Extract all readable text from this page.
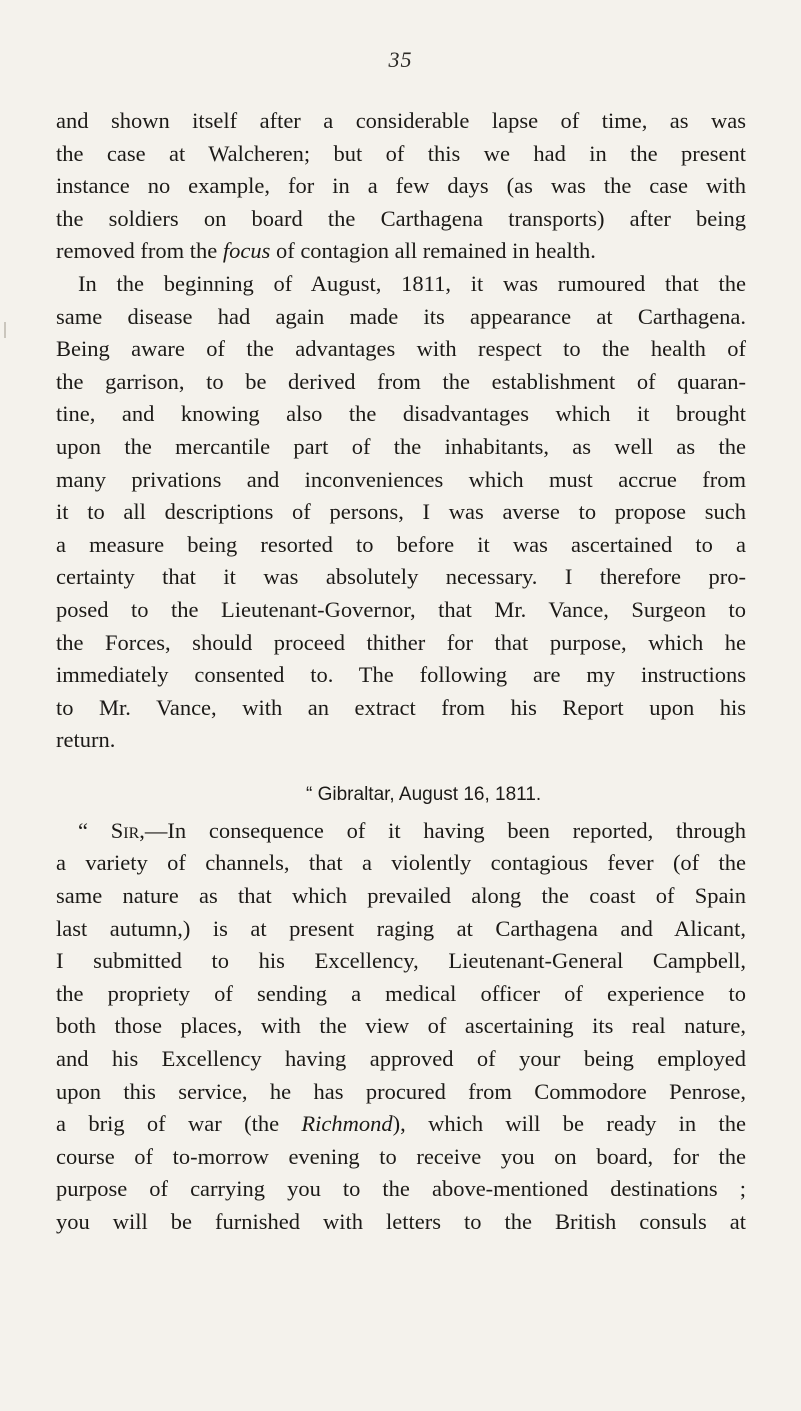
35
and shown itself after a considerable lapse of time, as was
the case at Walcheren; but of this we had in the present
instance no example, for in a few days (as was the case with
the soldiers on board the Carthagena transports) after being
removed from the focus of contagion all remained in health.
In the beginning of August, 1811, it was rumoured that the
same disease had again made its appearance at Carthagena.
Being aware of the advantages with respect to the health of
the garrison, to be derived from the establishment of quaran-
tine, and knowing also the disadvantages which it brought
upon the mercantile part of the inhabitants, as well as the
many privations and inconveniences which must accrue from
it to all descriptions of persons, I was averse to propose such
a measure being resorted to before it was ascertained to a
certainty that it was absolutely necessary. I therefore pro-
posed to the Lieutenant-Governor, that Mr. Vance, Surgeon to
the Forces, should proceed thither for that purpose, which he
immediately consented to. The following are my instructions
to Mr. Vance, with an extract from his Report upon his
return.
“ Gibraltar, August 16, 1811.
“ Sir,—In consequence of it having been reported, through
a variety of channels, that a violently contagious fever (of the
same nature as that which prevailed along the coast of Spain
last autumn,) is at present raging at Carthagena and Alicant,
I submitted to his Excellency, Lieutenant-General Campbell,
the propriety of sending a medical officer of experience to
both those places, with the view of ascertaining its real nature,
and his Excellency having approved of your being employed
upon this service, he has procured from Commodore Penrose,
a brig of war (the Richmond), which will be ready in the
course of to-morrow evening to receive you on board, for the
purpose of carrying you to the above-mentioned destinations ;
you will be furnished with letters to the British consuls at
